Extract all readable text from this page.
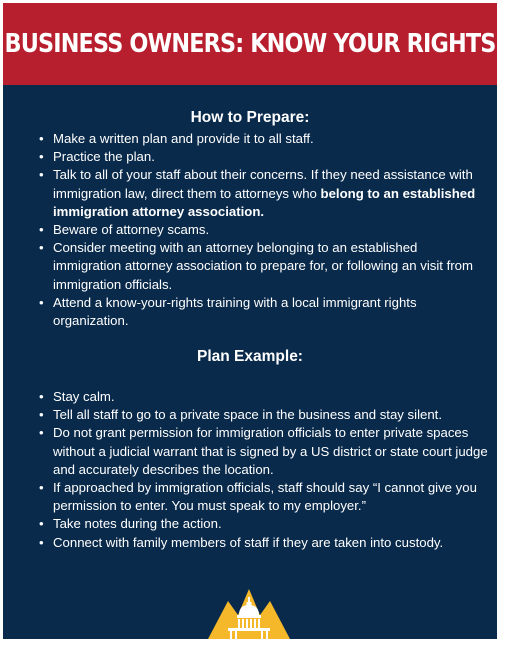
BUSINESS OWNERS: KNOW YOUR RIGHTS
How to Prepare:
• Make a written plan and provide it to all staff.
• Practice the plan.
• Talk to all of your staff about their concerns. If they need assistance with immigration law, direct them to attorneys who belong to an established immigration attorney association.
• Beware of attorney scams.
• Consider meeting with an attorney belonging to an established immigration attorney association to prepare for, or following an visit from immigration officials.
• Attend a know-your-rights training with a local immigrant rights organization.
Plan Example:
• Stay calm.
• Tell all staff to go to a private space in the business and stay silent.
• Do not grant permission for immigration officials to enter private spaces without a judicial warrant that is signed by a US district or state court judge and accurately describes the location.
• If approached by immigration officials, staff should say “I cannot give you permission to enter. You must speak to my employer.”
• Take notes during the action.
• Connect with family members of staff if they are taken into custody.
